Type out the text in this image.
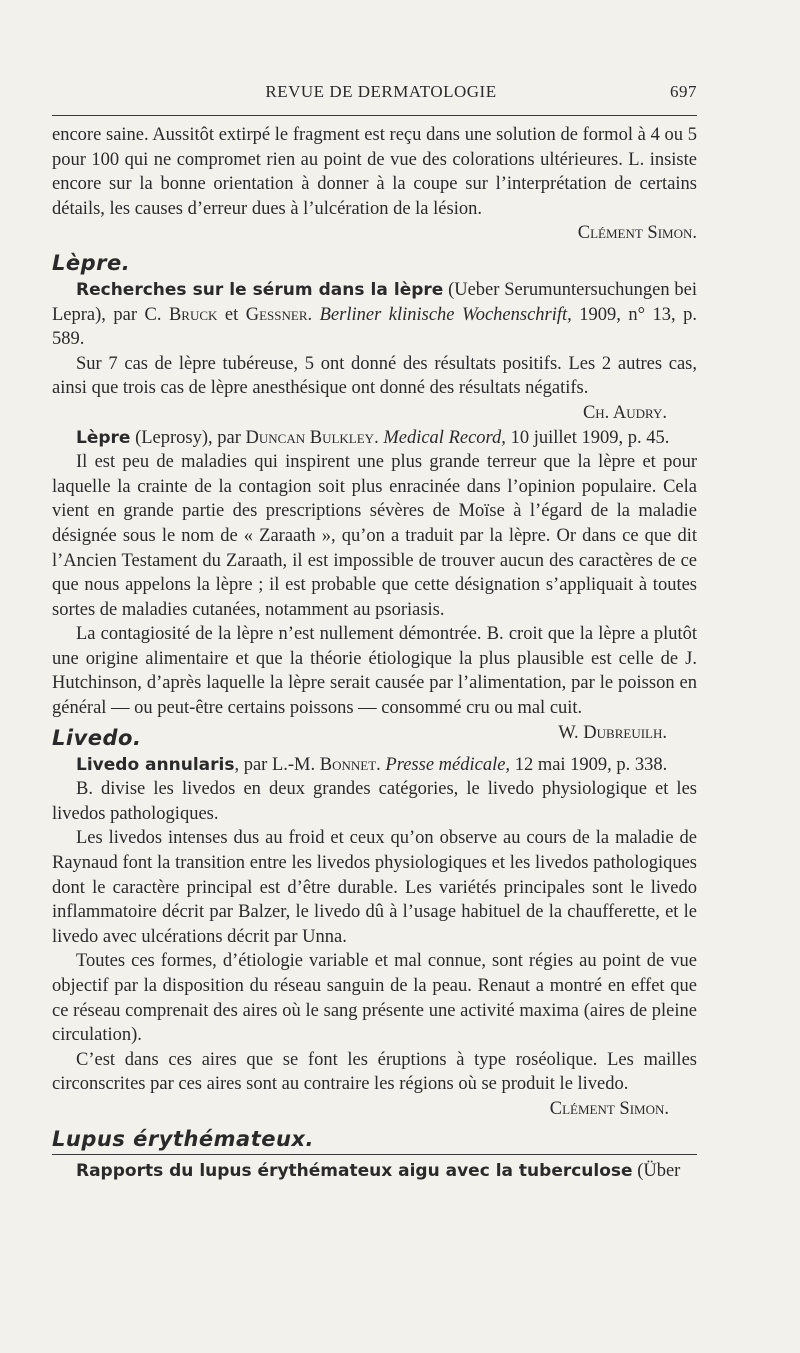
REVUE DE DERMATOLOGIE	697

encore saine. Aussitôt extirpé le fragment est reçu dans une solution de formol à 4 ou 5 pour 100 qui ne compromet rien au point de vue des colorations ultérieures. L. insiste encore sur la bonne orientation à donner à la coupe sur l’interprétation de certains détails, les causes d’erreur dues à l’ulcération de la lésion.

Clément Simon.
Lèpre.

Recherches sur le sérum dans la lèpre (Ueber Serumuntersuchungen bei Lepra), par C. Bruck et Gessner. Berliner klinische Wochenschrift, 1909, n° 13, p. 589.

Sur 7 cas de lèpre tubéreuse, 5 ont donné des résultats positifs. Les 2 autres cas, ainsi que trois cas de lèpre anesthésique ont donné des résultats négatifs.

Ch. Audry.

Lèpre (Leprosy), par Duncan Bulkley. Medical Record, 10 juillet 1909, p. 45.

Il est peu de maladies qui inspirent une plus grande terreur que la lèpre et pour laquelle la crainte de la contagion soit plus enracinée dans l’opinion populaire. Cela vient en grande partie des prescriptions sévères de Moïse à l’égard de la maladie désignée sous le nom de « Zaraath », qu’on a traduit par la lèpre. Or dans ce que dit l’Ancien Testament du Zaraath, il est impossible de trouver aucun des caractères de ce que nous appelons la lèpre ; il est probable que cette désignation s’appliquait à toutes sortes de maladies cutanées, notamment au psoriasis.

La contagiosité de la lèpre n’est nullement démontrée. B. croit que la lèpre a plutôt une origine alimentaire et que la théorie étiologique la plus plausible est celle de J. Hutchinson, d’après laquelle la lèpre serait causée par l’alimentation, par le poisson en général — ou peut-être certains poissons — consommé cru ou mal cuit.
W. Dubreuilh.

Livedo.

Livedo annularis, par L.-M. Bonnet. Presse médicale, 12 mai 1909, p. 338.

B. divise les livedos en deux grandes catégories, le livedo physiologique et les livedos pathologiques.

Les livedos intenses dus au froid et ceux qu’on observe au cours de la maladie de Raynaud font la transition entre les livedos physiologiques et les livedos pathologiques dont le caractère principal est d’être durable. Les variétés principales sont le livedo inflammatoire décrit par Balzer, le livedo dû à l’usage habituel de la chaufferette, et le livedo avec ulcérations décrit par Unna.

Toutes ces formes, d’étiologie variable et mal connue, sont régies au point de vue objectif par la disposition du réseau sanguin de la peau. Renaut a montré en effet que ce réseau comprenait des aires où le sang présente une activité maxima (aires de pleine circulation).

C’est dans ces aires que se font les éruptions à type roséolique. Les mailles circonscrites par ces aires sont au contraire les régions où se produit le livedo.

Clément Simon.
Lupus érythémateux.

Rapports du lupus érythémateux aigu avec la tuberculose (Über
